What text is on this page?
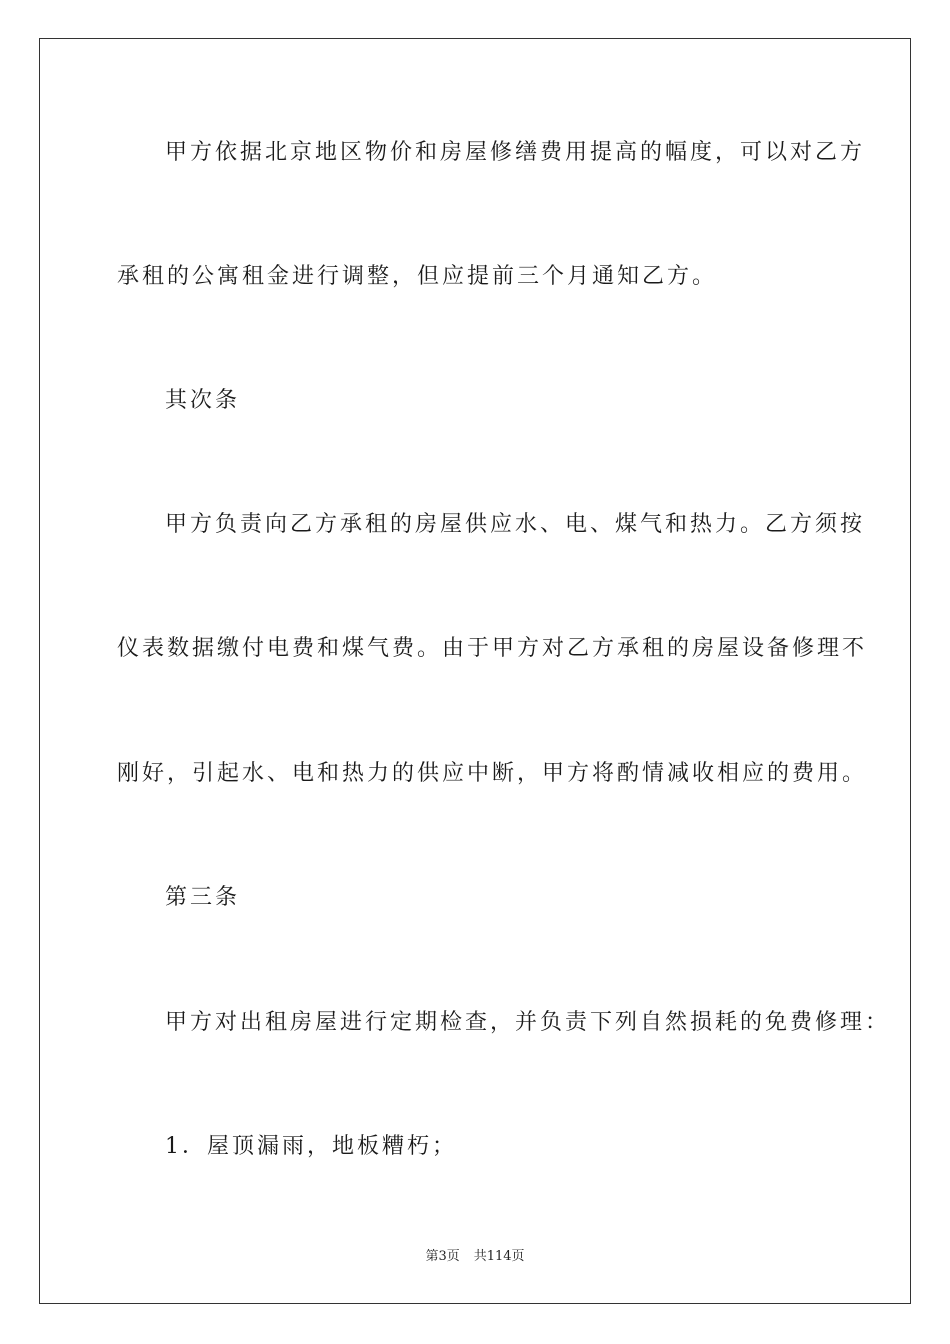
甲方依据北京地区物价和房屋修缮费用提高的幅度，可以对乙方
承租的公寓租金进行调整，但应提前三个月通知乙方。
其次条
甲方负责向乙方承租的房屋供应水、电、煤气和热力。乙方须按
仪表数据缴付电费和煤气费。由于甲方对乙方承租的房屋设备修理不
刚好，引起水、电和热力的供应中断，甲方将酌情减收相应的费用。
第三条
甲方对出租房屋进行定期检查，并负责下列自然损耗的免费修理：
1．屋顶漏雨，地板糟朽；
第3页 共114页
